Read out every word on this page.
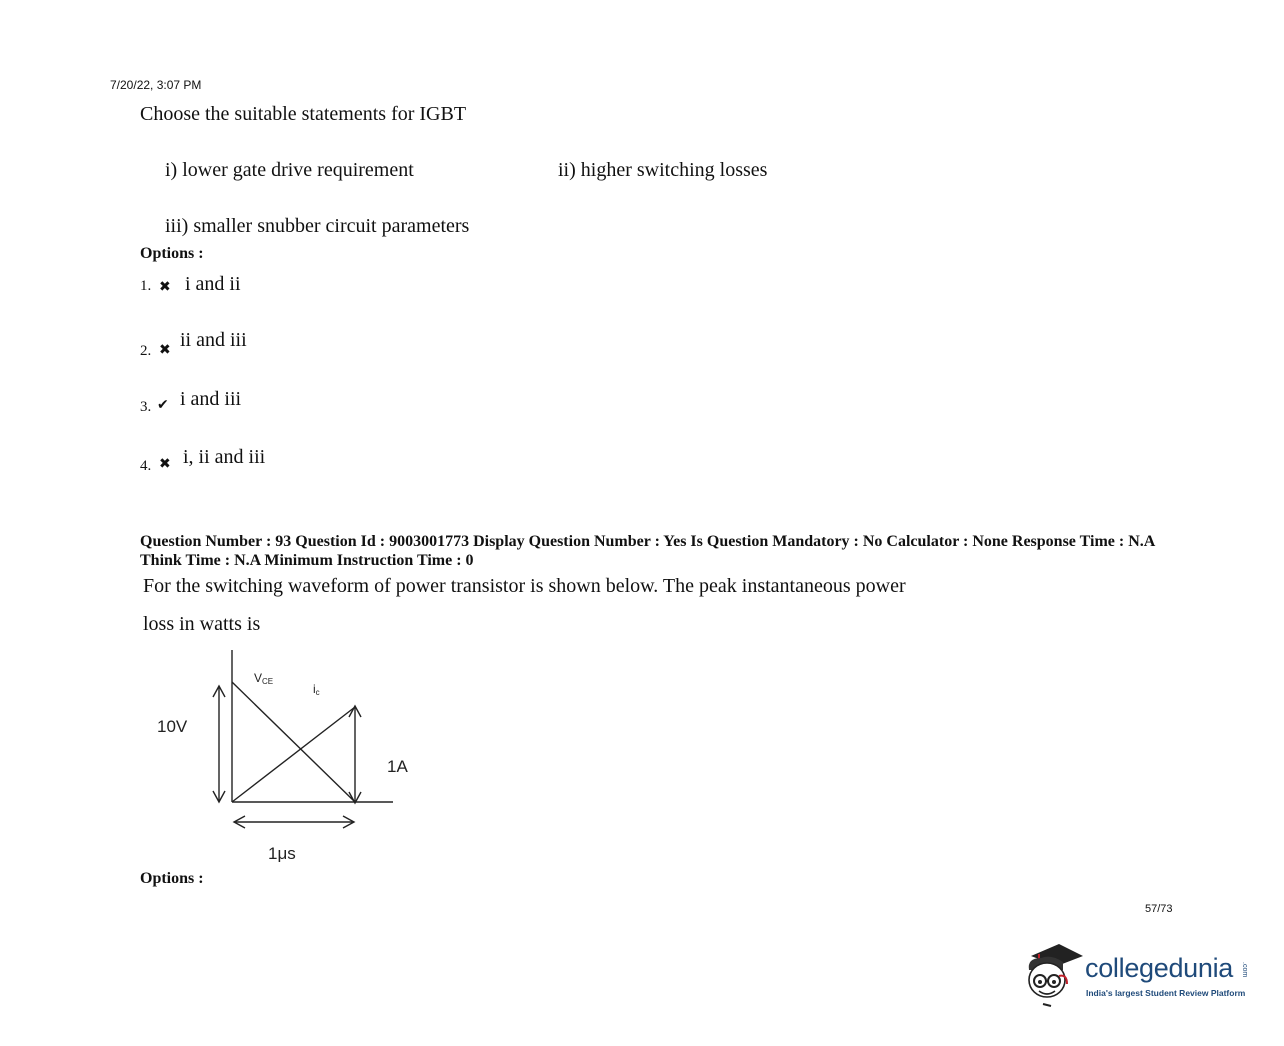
7/20/22, 3:07 PM
Choose the suitable statements for IGBT
i) lower gate drive requirement	ii) higher switching losses
iii) smaller snubber circuit parameters
Options :
1. ✖ i and ii
2. ✖ ii and iii
3. ✔ i and iii
4. ✖ i, ii and iii
Question Number : 93 Question Id : 9003001773 Display Question Number : Yes Is Question Mandatory : No Calculator : None Response Time : N.A Think Time : N.A Minimum Instruction Time : 0
For the switching waveform of power transistor is shown below. The peak instantaneous power
loss in watts is
VCE
ic
10V
1A
1μs
Options :
57/73
collegedunia .com
India's largest Student Review Platform
